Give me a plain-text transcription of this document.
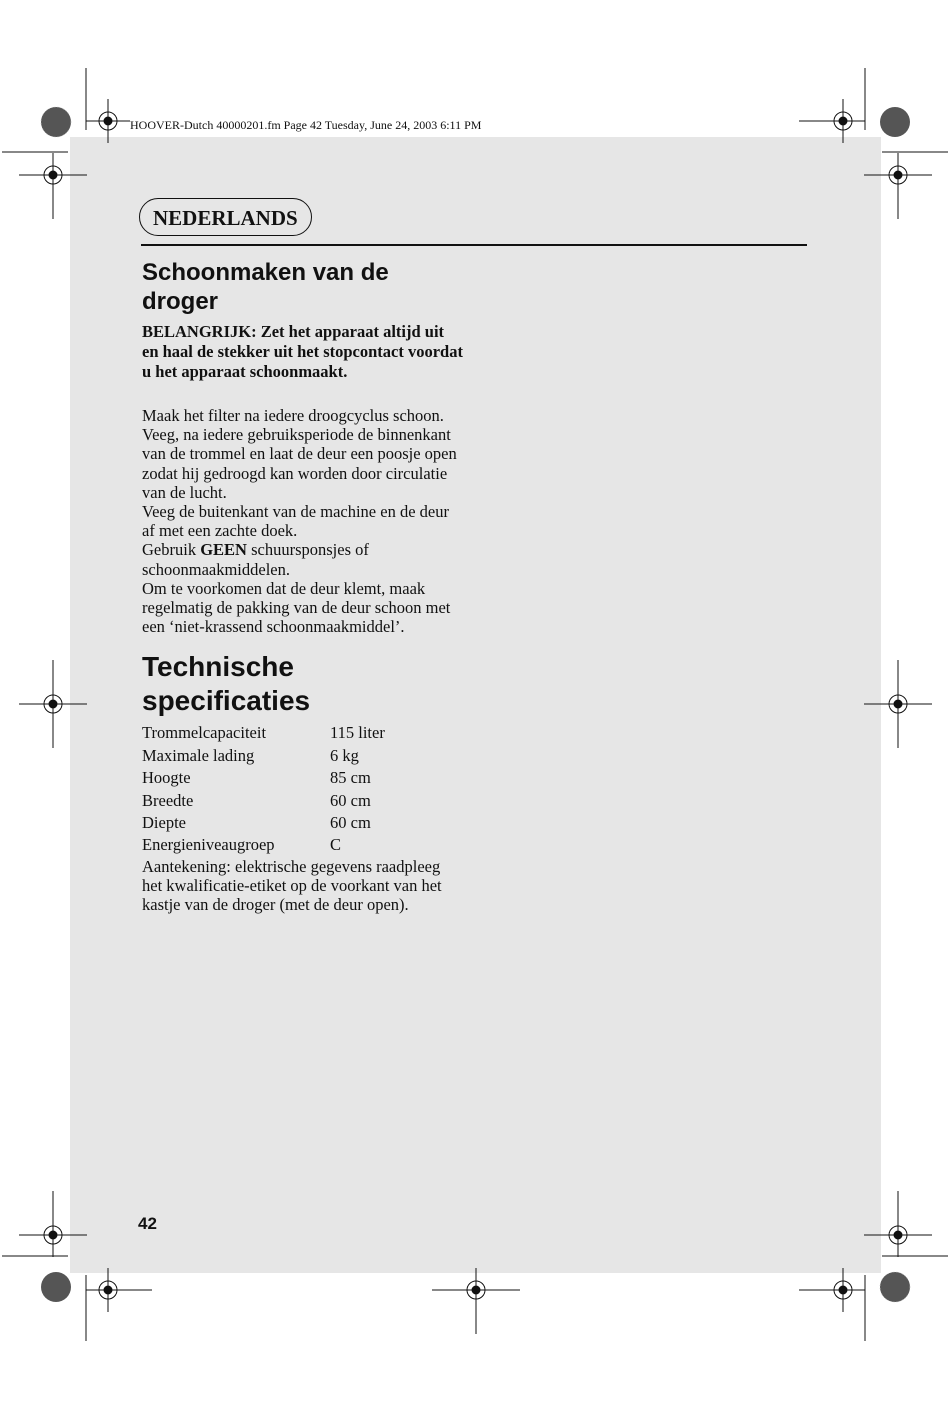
HOOVER-Dutch 40000201.fm Page 42 Tuesday, June 24, 2003 6:11 PM
NEDERLANDS
Schoonmaken van de
droger

BELANGRIJK: Zet het apparaat altijd uit en haal de stekker uit het stopcontact voordat u het apparaat schoonmaakt.

Maak het filter na iedere droogcyclus schoon.

Veeg, na iedere gebruiksperiode de binnenkant van de trommel en laat de deur een poosje open zodat hij gedroogd kan worden door circulatie van de lucht.

Veeg de buitenkant van de machine en de deur af met een zachte doek.

Gebruik GEEN schuursponsjes of schoonmaakmiddelen.

Om te voorkomen dat de deur klemt, maak regelmatig de pakking van de deur schoon met een ‘niet-krassend schoonmaakmiddel’.

Technische specificaties
Trommelcapaciteit	115 liter
Maximale lading	6 kg
Hoogte	85 cm
Breedte	60 cm
Diepte	60 cm
Energieniveaugroep	C

Aantekening: elektrische gegevens raadpleeg het kwalificatie-etiket op de voorkant van het kastje van de droger (met de deur open).

42
